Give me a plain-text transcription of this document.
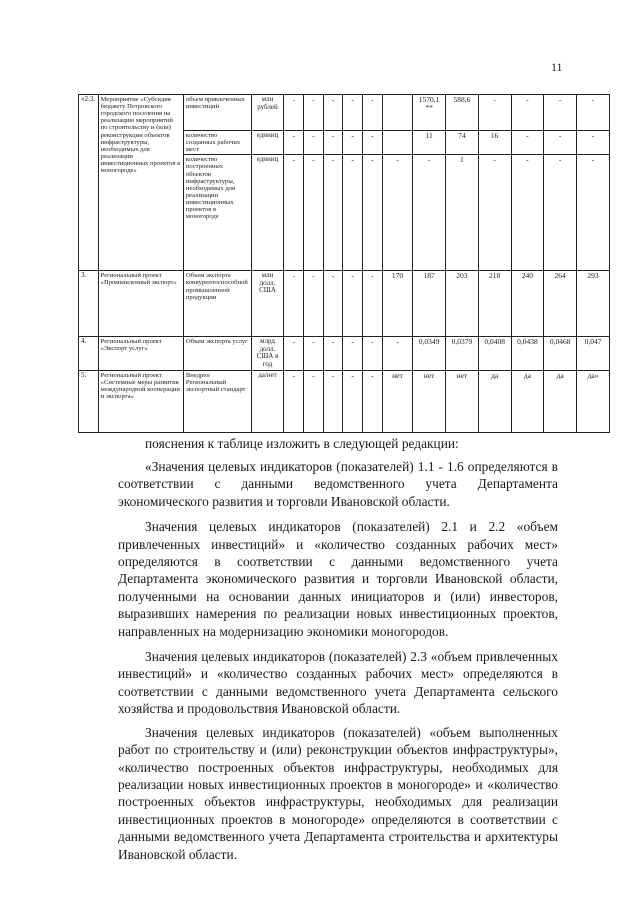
11
«2.3.	Мероприятие «Субсидия бюджету Петровского городского поселения на реализацию мероприятий по строительству и (или) реконструкции объектов инфраструктуры, необходимых для реализации инвестиционных проектов в моногороде»	объем привлеченных инвестиций	млн рублей	-	-	-	-	-		1570,1 **	588,6	-	-	-	-
		количество созданных рабочих мест	единиц	-	-	-	-	-		11	74	16	-	-	-
		количество построенных объектов инфраструктуры, необходимых для реализации инвестиционных проектов в моногороде	единиц	-	-	-	-	-	-	-	1	-	-	-	-
3.	Региональный проект «Промышленный экспорт»	Объем экспорта конкурентоспособной промышленной продукции	млн долл. США	-	-	-	-	-	170	187	203	218	240	264	293
4.	Региональный проект «Экспорт услуг»	Объем экспорта услуг	млрд долл. США в год	-	-	-	-	-	-	0,0349	0,0379	0,0408	0,0438	0,0468	0,047
5.	Региональный проект «Системные меры развития международной кооперации и экспорта»	Внедрен Региональный экспортный стандарт	да/нет	-	-	-	-	-	нет	нет	нет	да	да	да	да»
пояснения к таблице изложить в следующей редакции:

«Значения целевых индикаторов (показателей) 1.1 - 1.6 определяются в соответствии с данными ведомственного учета Департамента экономического развития и торговли Ивановской области.

Значения целевых индикаторов (показателей) 2.1 и 2.2 «объем привлеченных инвестиций» и «количество созданных рабочих мест» определяются в соответствии с данными ведомственного учета Департамента экономического развития и торговли Ивановской области, полученными на основании данных инициаторов и (или) инвесторов, выразивших намерения по реализации новых инвестиционных проектов, направленных на модернизацию экономики моногородов.

Значения целевых индикаторов (показателей) 2.3 «объем привлеченных инвестиций» и «количество созданных рабочих мест» определяются в соответствии с данными ведомственного учета Департамента сельского хозяйства и продовольствия Ивановской области.

Значения целевых индикаторов (показателей) «объем выполненных работ по строительству и (или) реконструкции объектов инфраструктуры», «количество построенных объектов инфраструктуры, необходимых для реализации новых инвестиционных проектов в моногороде» и «количество построенных объектов инфраструктуры, необходимых для реализации инвестиционных проектов в моногороде» определяются в соответствии с данными ведомственного учета Департамента строительства и архитектуры Ивановской области.
